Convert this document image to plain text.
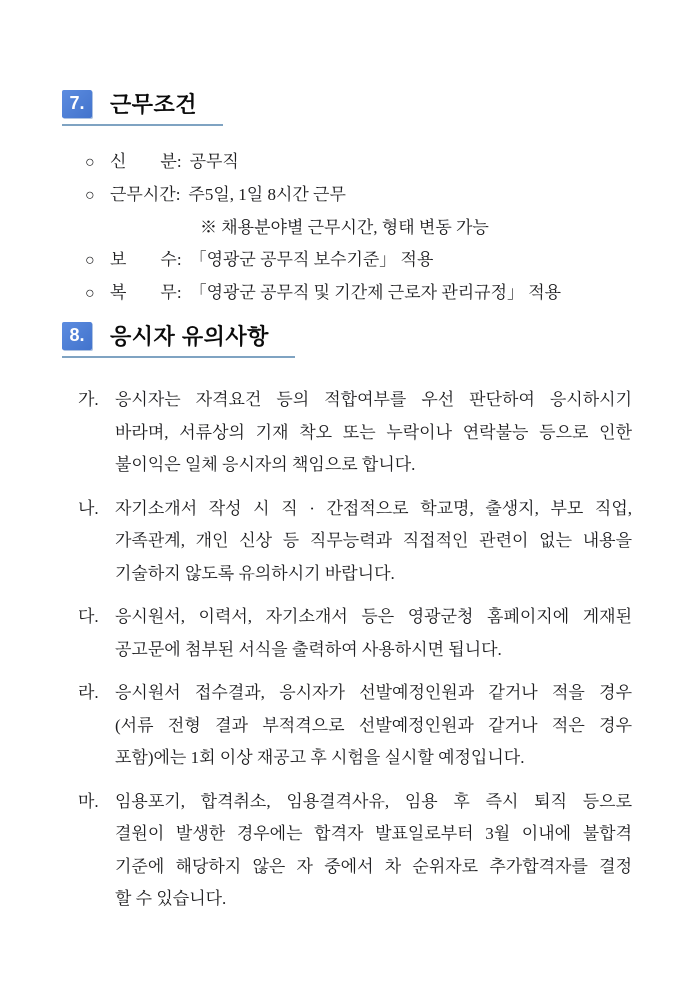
7.	근무조건
○ 신　　분: 공무직
○ 근무시간: 주5일, 1일 8시간 근무
※ 채용분야별 근무시간, 형태 변동 가능
○ 보　　수: 「영광군 공무직 보수기준」 적용
○ 복　　무: 「영광군 공무직 및 기간제 근로자 관리규정」 적용
8.	응시자 유의사항
가. 응시자는 자격요건 등의 적합여부를 우선 판단하여 응시하시기
바라며, 서류상의 기재 착오 또는 누락이나 연락불능 등으로 인한
불이익은 일체 응시자의 책임으로 합니다.
나. 자기소개서 작성 시 직 · 간접적으로 학교명, 출생지, 부모 직업,
가족관계, 개인 신상 등 직무능력과 직접적인 관련이 없는 내용을
기술하지 않도록 유의하시기 바랍니다.
다. 응시원서, 이력서, 자기소개서 등은 영광군청 홈페이지에 게재된
공고문에 첨부된 서식을 출력하여 사용하시면 됩니다.
라. 응시원서 접수결과, 응시자가 선발예정인원과 같거나 적을 경우
(서류 전형 결과 부적격으로 선발예정인원과 같거나 적은 경우
포함)에는 1회 이상 재공고 후 시험을 실시할 예정입니다.
마. 임용포기, 합격취소, 임용결격사유, 임용 후 즉시 퇴직 등으로
결원이 발생한 경우에는 합격자 발표일로부터 3월 이내에 불합격
기준에 해당하지 않은 자 중에서 차 순위자로 추가합격자를 결정
할 수 있습니다.
